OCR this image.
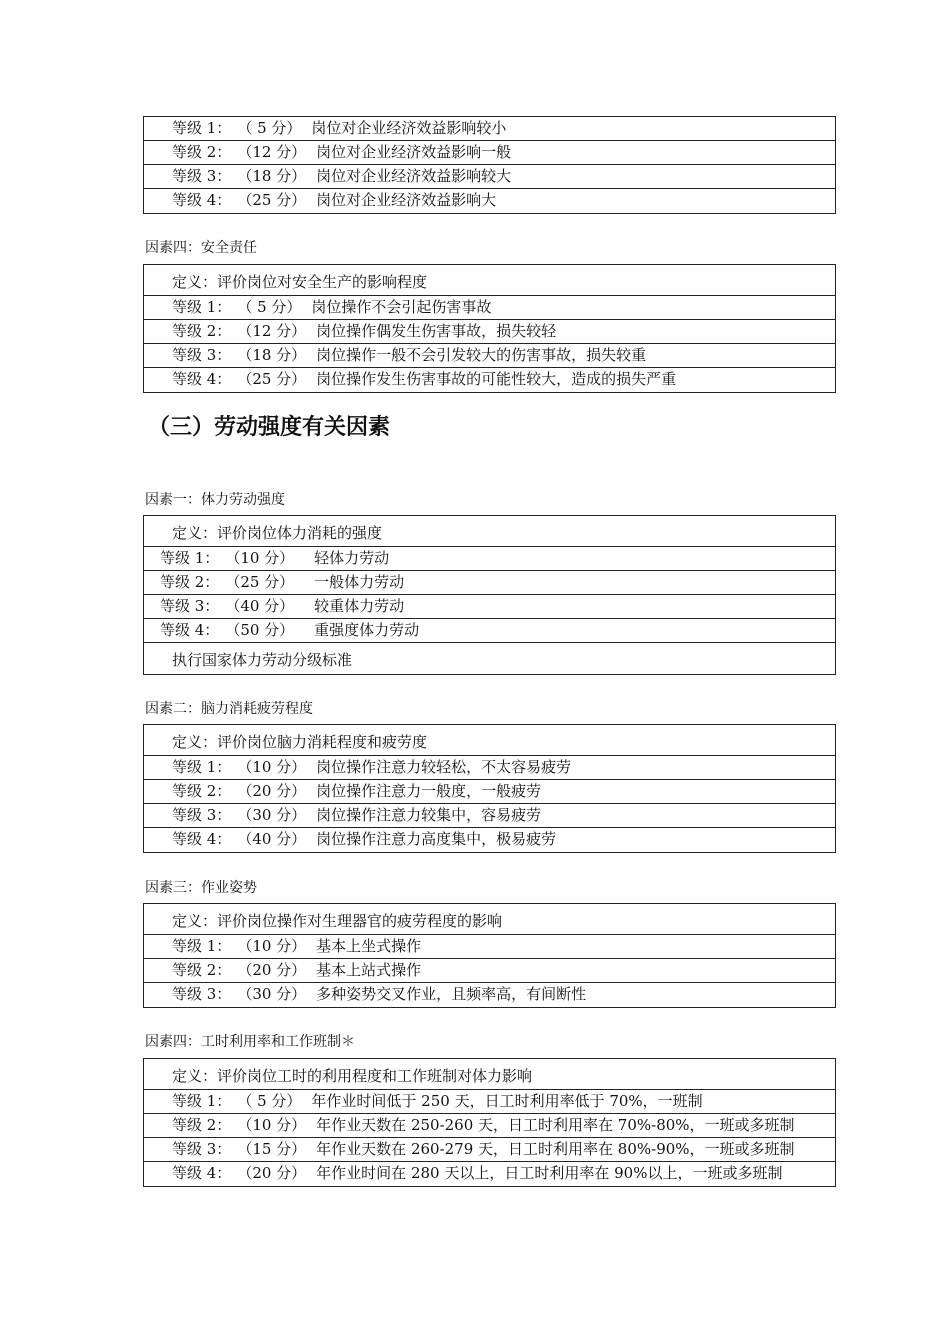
等级 1： （ 5 分） 岗位对企业经济效益影响较小
等级 2： （12 分） 岗位对企业经济效益影响一般
等级 3： （18 分） 岗位对企业经济效益影响较大
等级 4： （25 分） 岗位对企业经济效益影响大
因素四：安全责任
定义：评价岗位对安全生产的影响程度
等级 1： （ 5 分） 岗位操作不会引起伤害事故
等级 2： （12 分） 岗位操作偶发生伤害事故，损失较轻
等级 3： （18 分） 岗位操作一般不会引发较大的伤害事故，损失较重
等级 4： （25 分） 岗位操作发生伤害事故的可能性较大，造成的损失严重
（三）劳动强度有关因素
因素一：体力劳动强度
定义：评价岗位体力消耗的强度
等级 1： （10 分） 轻体力劳动
等级 2： （25 分） 一般体力劳动
等级 3： （40 分） 较重体力劳动
等级 4： （50 分） 重强度体力劳动
执行国家体力劳动分级标准
因素二：脑力消耗疲劳程度
定义：评价岗位脑力消耗程度和疲劳度
等级 1： （10 分） 岗位操作注意力较轻松，不太容易疲劳
等级 2： （20 分） 岗位操作注意力一般度，一般疲劳
等级 3： （30 分） 岗位操作注意力较集中，容易疲劳
等级 4： （40 分） 岗位操作注意力高度集中，极易疲劳
因素三：作业姿势
定义：评价岗位操作对生理器官的疲劳程度的影响
等级 1： （10 分） 基本上坐式操作
等级 2： （20 分） 基本上站式操作
等级 3： （30 分） 多种姿势交叉作业，且频率高，有间断性
因素四：工时利用率和工作班制＊
定义：评价岗位工时的利用程度和工作班制对体力影响
等级 1： （ 5 分） 年作业时间低于 250 天，日工时利用率低于 70%，一班制
等级 2： （10 分） 年作业天数在 250-260 天，日工时利用率在 70%-80%，一班或多班制
等级 3： （15 分） 年作业天数在 260-279 天，日工时利用率在 80%-90%，一班或多班制
等级 4： （20 分） 年作业时间在 280 天以上，日工时利用率在 90%以上，一班或多班制
